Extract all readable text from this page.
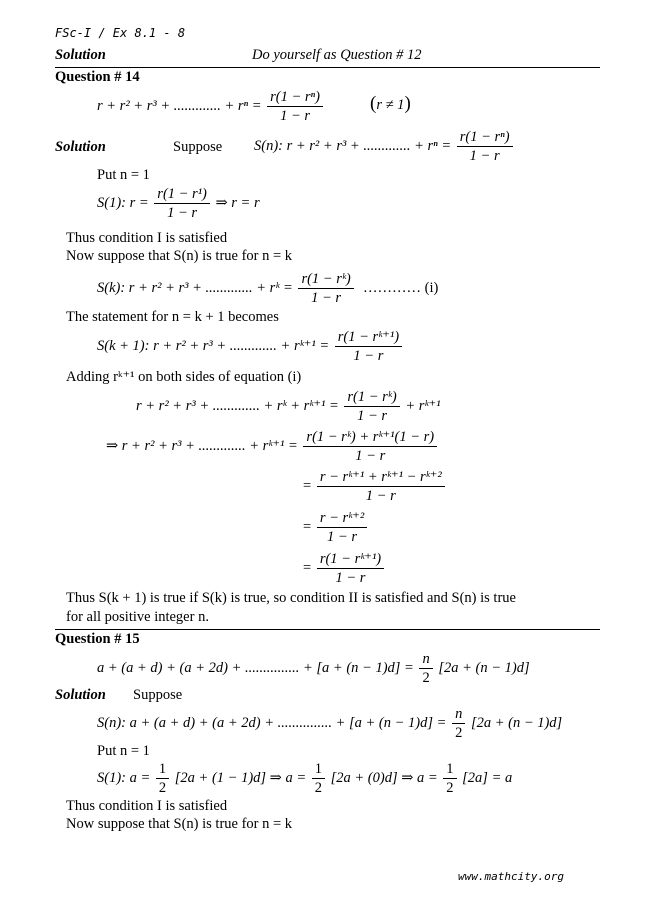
FSc-I / Ex 8.1 - 8
Solution	Do yourself as Question # 12
Question # 14
r + r² + r³ + ............. + $r^n = \frac{\text{r(1 − rⁿ)}}{1 - r} (r \ne 1)$
Solution	Suppose S(n): r + r² + r³ + ............. + $r^n = \frac{\text{r(1 − rⁿ)}}{1 - r}$
Put n = 1
S(1): $r = \frac{\text{r(1 − r¹)}}{1 - r}$ ⇒ r = r
Thus condition I is satisfied
Now suppose that S(n) is true for n = k
S(k): r + r² + r³ + ............. + rᵏ = $\frac{\text{r(1 − rᵏ)}}{1 - r}$ ………… (i)
The statement for n = k + 1 becomes
S(k + 1): r + r² + r³ + ............. + rᵏ⁺¹ = $\frac{\text{r(1 − rᵏ⁺¹)}}{1 - r}$
Adding rᵏ⁺¹ on both sides of equation (i)
r + r² + r³ + ............. + rᵏ + rᵏ⁺¹ = $\frac{\text{r(1 − rᵏ)}}{1 - r}$ + rᵏ⁺¹
⇒ r + r² + r³ + ............. + rᵏ⁺¹ = $\frac{\text{r(1 − rᵏ) + rᵏ⁺¹(1 − r)}}{1 - r}$
= $\frac{\text{r − rᵏ⁺¹ + rᵏ⁺¹ − rᵏ⁺²}}{1 - r}$
= $\frac{\text{r − rᵏ⁺²}}{1 - r}$
= $\frac{\text{r(1 − rᵏ⁺¹)}}{1 - r}$
Thus S(k + 1) is true if S(k) is true, so condition II is satisfied and S(n) is true
for all positive integer n.
Question # 15
a + (a + d) + (a + 2d) + ............... + $[a + (n - 1)d] = \frac{n}{2} [2a + (n - 1)d]$
Solution Suppose
S(n): a + (a + d) + (a + 2d) + ............... + $[a + (n - 1)d] = \frac{n}{2} [2a + (n - 1)d]$
Put n = 1
S(1): $a = \frac{1}{2} [2a + (1 - 1)d]$ ⇒ $a = \frac{1}{2} [2a + (0)d]$ ⇒ $a = \frac{1}{2} [2a] = a$
Thus condition I is satisfied
Now suppose that S(n) is true for n = k
www.mathcity.org
